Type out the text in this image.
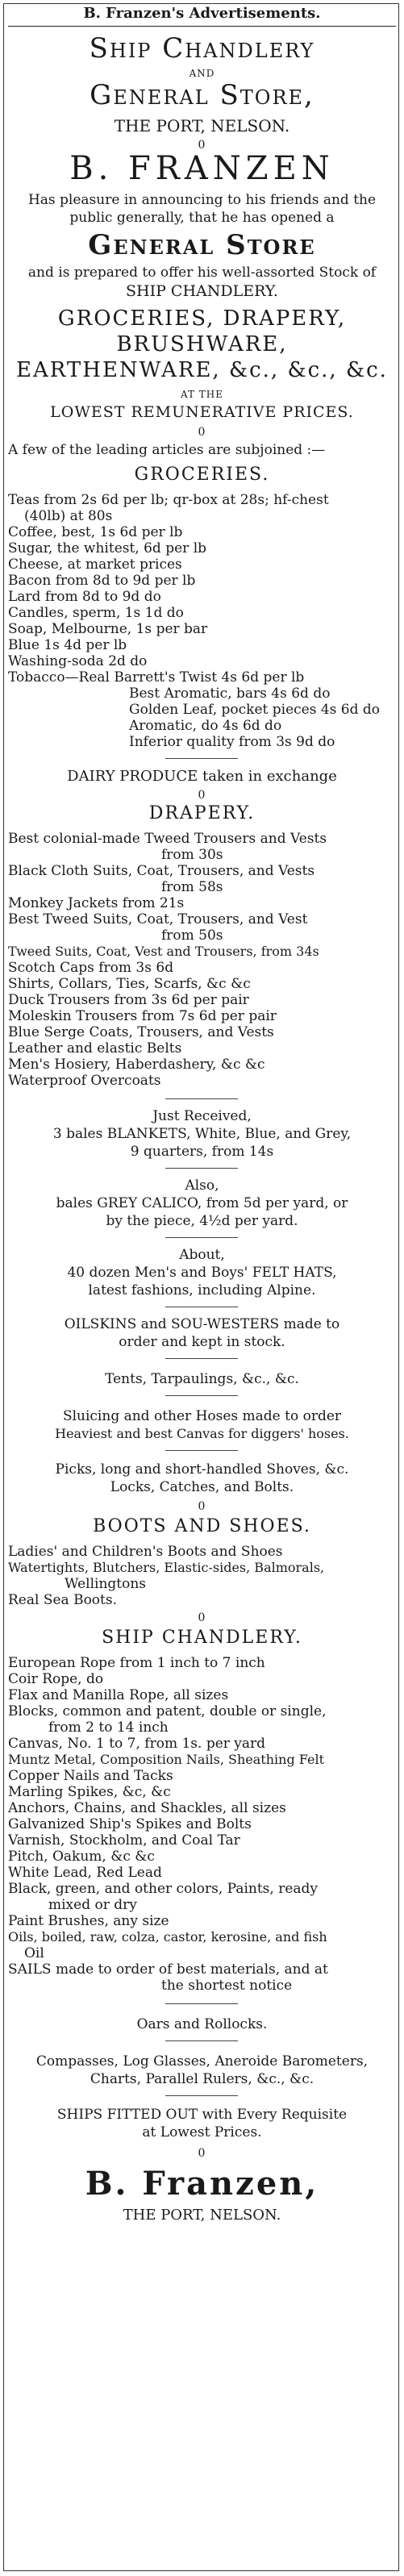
B. Franzen's Advertisements.
Ship Chandlery
AND
General Store,
THE PORT, NELSON.
0
B. FRANZEN
Has pleasure in announcing to his friends and the
public generally, that he has opened a
General Store
and is prepared to offer his well-assorted Stock of
SHIP CHANDLERY.
GROCERIES, DRAPERY,
BRUSHWARE,
EARTHENWARE, &c., &c., &c.
AT THE
LOWEST REMUNERATIVE PRICES.
0
A few of the leading articles are subjoined :—
GROCERIES.
Teas from 2s 6d per lb; qr-box at 28s; hf-chest
(40lb) at 80s
Coffee, best, 1s 6d per lb
Sugar, the whitest, 6d per lb
Cheese, at market prices
Bacon from 8d to 9d per lb
Lard from 8d to 9d do
Candles, sperm, 1s 1d do
Soap, Melbourne, 1s per bar
Blue 1s 4d per lb
Washing-soda 2d do
Tobacco—Real Barrett's Twist 4s 6d per lb
Best Aromatic, bars 4s 6d do
Golden Leaf, pocket pieces 4s 6d do
Aromatic, do 4s 6d do
Inferior quality from 3s 9d do
DAIRY PRODUCE taken in exchange
0
DRAPERY.
Best colonial-made Tweed Trousers and Vests
from 30s
Black Cloth Suits, Coat, Trousers, and Vests
from 58s
Monkey Jackets from 21s
Best Tweed Suits, Coat, Trousers, and Vest
from 50s
Tweed Suits, Coat, Vest and Trousers, from 34s
Scotch Caps from 3s 6d
Shirts, Collars, Ties, Scarfs, &c &c
Duck Trousers from 3s 6d per pair
Moleskin Trousers from 7s 6d per pair
Blue Serge Coats, Trousers, and Vests
Leather and elastic Belts
Men's Hosiery, Haberdashery, &c &c
Waterproof Overcoats
Just Received,
3 bales BLANKETS, White, Blue, and Grey,
9 quarters, from 14s
Also,
bales GREY CALICO, from 5d per yard, or
by the piece, 4½d per yard.
About,
40 dozen Men's and Boys' FELT HATS,
latest fashions, including Alpine.
OILSKINS and SOU-WESTERS made to
order and kept in stock.
Tents, Tarpaulings, &c., &c.
Sluicing and other Hoses made to order
Heaviest and best Canvas for diggers' hoses.
Picks, long and short-handled Shoves, &c.
Locks, Catches, and Bolts.
0
BOOTS AND SHOES.
Ladies' and Children's Boots and Shoes
Watertights, Blutchers, Elastic-sides, Balmorals,
Wellingtons
Real Sea Boots.
0
SHIP CHANDLERY.
European Rope from 1 inch to 7 inch
Coir Rope, do
Flax and Manilla Rope, all sizes
Blocks, common and patent, double or single,
from 2 to 14 inch
Canvas, No. 1 to 7, from 1s. per yard
Muntz Metal, Composition Nails, Sheathing Felt
Copper Nails and Tacks
Marling Spikes, &c, &c
Anchors, Chains, and Shackles, all sizes
Galvanized Ship's Spikes and Bolts
Varnish, Stockholm, and Coal Tar
Pitch, Oakum, &c &c
White Lead, Red Lead
Black, green, and other colors, Paints, ready
mixed or dry
Paint Brushes, any size
Oils, boiled, raw, colza, castor, kerosine, and fish
Oil
SAILS made to order of best materials, and at
the shortest notice
Oars and Rollocks.
Compasses, Log Glasses, Aneroide Barometers,
Charts, Parallel Rulers, &c., &c.
SHIPS FITTED OUT with Every Requisite
at Lowest Prices.
0
B. Franzen,
THE PORT, NELSON.
